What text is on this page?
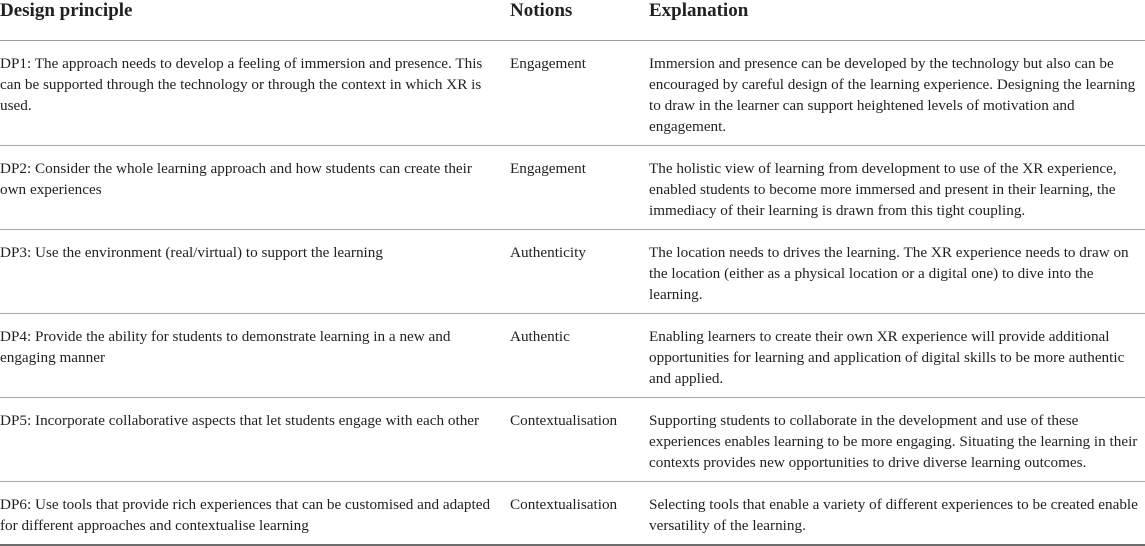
Design principle	Notions	Explanation
DP1: The approach needs to develop a feeling of immersion and presence. This can be supported through the technology or through the context in which XR is used.	Engagement	Immersion and presence can be developed by the technology but also can be encouraged by careful design of the learning experience. Designing the learning to draw in the learner can support heightened levels of motivation and engagement.
DP2: Consider the whole learning approach and how students can create their own experiences	Engagement	The holistic view of learning from development to use of the XR experience, enabled students to become more immersed and present in their learning, the immediacy of their learning is drawn from this tight coupling.
DP3: Use the environment (real/virtual) to support the learning	Authenticity	The location needs to drives the learning. The XR experience needs to draw on the location (either as a physical location or a digital one) to dive into the learning.
DP4: Provide the ability for students to demonstrate learning in a new and engaging manner	Authentic	Enabling learners to create their own XR experience will provide additional opportunities for learning and application of digital skills to be more authentic and applied.
DP5: Incorporate collaborative aspects that let students engage with each other	Contextualisation	Supporting students to collaborate in the development and use of these experiences enables learning to be more engaging. Situating the learning in their contexts provides new opportunities to drive diverse learning outcomes.
DP6: Use tools that provide rich experiences that can be customised and adapted for different approaches and contextualise learning	Contextualisation	Selecting tools that enable a variety of different experiences to be created enable versatility of the learning.
